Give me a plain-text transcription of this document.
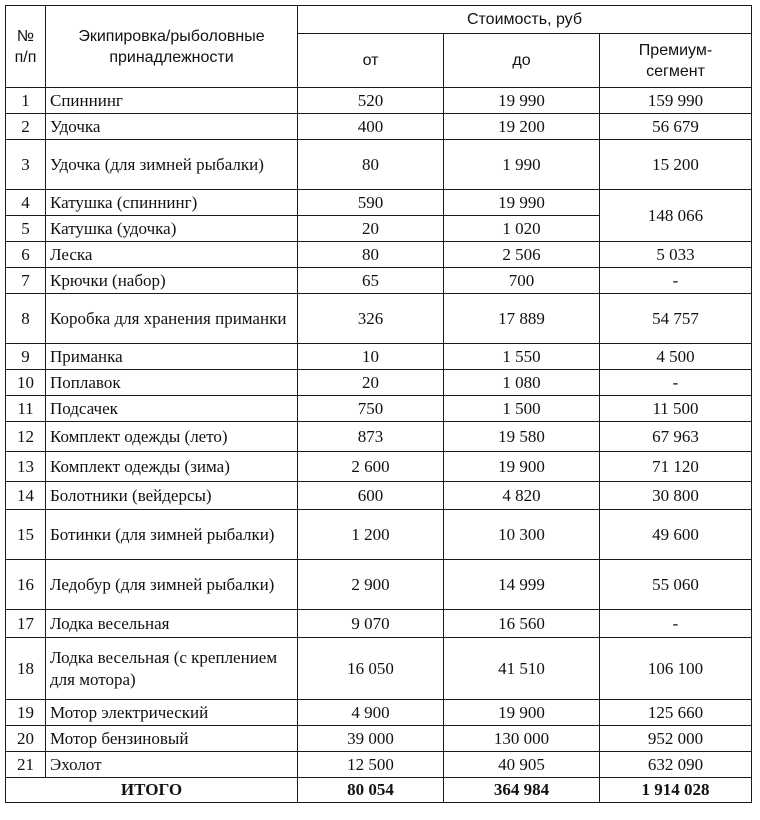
№ п/п	Экипировка/рыболовные принадлежности	Стоимость, руб		
		от	до	Премиум-сегмент
1	Спиннинг	520	19 990	159 990
2	Удочка	400	19 200	56 679
3	Удочка (для зимней рыбалки)	80	1 990	15 200
4	Катушка (спиннинг)	590	19 990	148 066
5	Катушка (удочка)	20	1 020	
6	Леска	80	2 506	5 033
7	Крючки (набор)	65	700	-
8	Коробка для хранения приманки	326	17 889	54 757
9	Приманка	10	1 550	4 500
10	Поплавок	20	1 080	-
11	Подсачек	750	1 500	11 500
12	Комплект одежды (лето)	873	19 580	67 963
13	Комплект одежды (зима)	2 600	19 900	71 120
14	Болотники (вейдерсы)	600	4 820	30 800
15	Ботинки (для зимней рыбалки)	1 200	10 300	49 600
16	Ледобур (для зимней рыбалки)	2 900	14 999	55 060
17	Лодка весельная	9 070	16 560	-
18	Лодка весельная (с креплением для мотора)	16 050	41 510	106 100
19	Мотор электрический	4 900	19 900	125 660
20	Мотор бензиновый	39 000	130 000	952 000
21	Эхолот	12 500	40 905	632 090
ИТОГО		80 054	364 984	1 914 028
